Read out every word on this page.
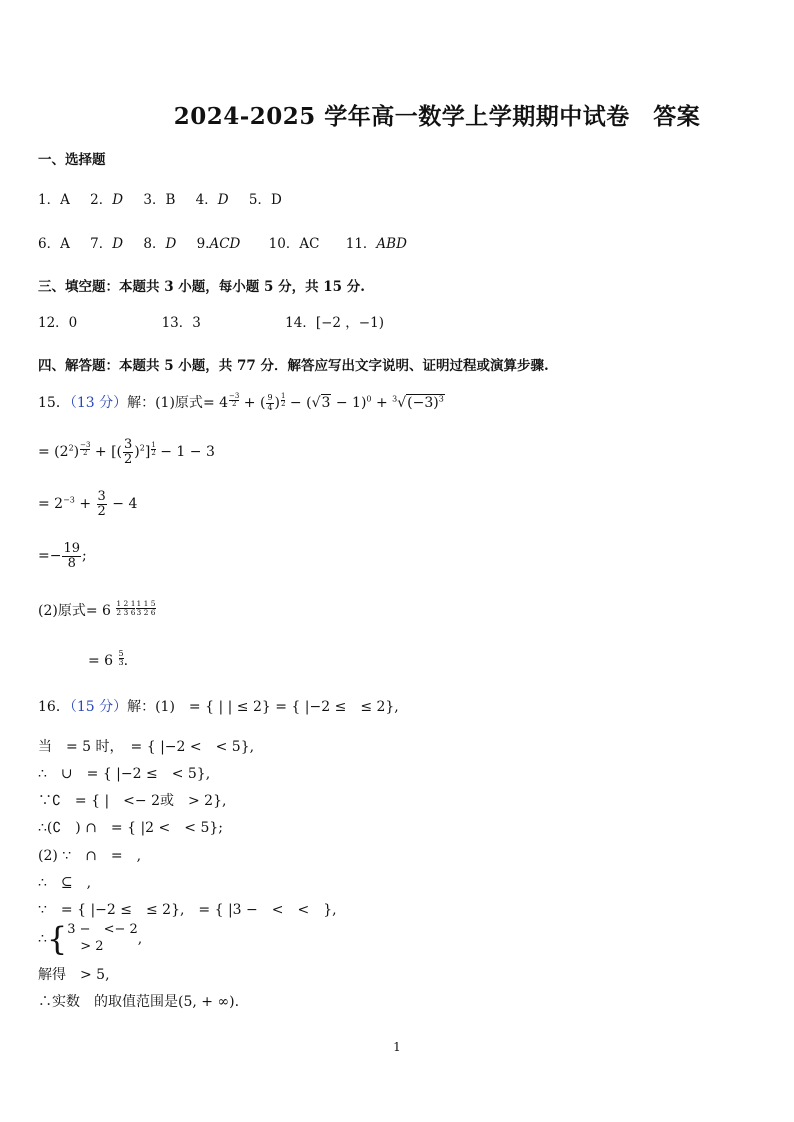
2024-2025 学年高一数学上学期期中试卷　答案
一、选择题
1．A 2．D 3．B 4．D 5．D
6．A 7．D 8．D 9.ACD 10．AC 11．ABD
三、填空题：本题共 3 小题，每小题 5 分，共 15 分.
12．0	13．3	14．[−2 ，−1)
四、解答题：本题共 5 小题，共 77 分．解答应写出文字说明、证明过程或演算步骤.
15．（13 分）解：(1)原式= $4 \frac{-3}{2}$ + ( $\frac{9}{4}$ ) $\frac{1}{2} - (√3 - 1)^0 + ^3√(-3)^3$
= $(2^2) \frac{-3}{2}$ + [( $\frac{3}{2} )^2] \frac{1}{2} - 1 - 3$
= $2^{-3} + \frac{3}{2} - 4$
=− $\frac{19}{8}$ ;
(2)原式= $6 \frac{1 2 1}{2 3 6} \frac{1 1 5}{3 2 6}$
= $6 \frac{5}{3}$ .
16．（15 分）解：(1)　= { | | ≤ 2} = { |−2 ≤　≤ 2},
当　= 5 时，　= { |−2 <　< 5},
∴　∪　= { |−2 ≤　< 5},
∵∁　= { |　<− 2或　> 2},
∴(∁　) ∩　= { |2 <　< 5};
(2) ∵　∩　=　,
∴　⊆　,
∵　= { |−2 ≤　≤ 2},　= { |3 −　<　<　},
∴{ 3 −　<− 2
　> 2	,
解得　> 5,
∴实数　的取值范围是(5, + ∞).
1
